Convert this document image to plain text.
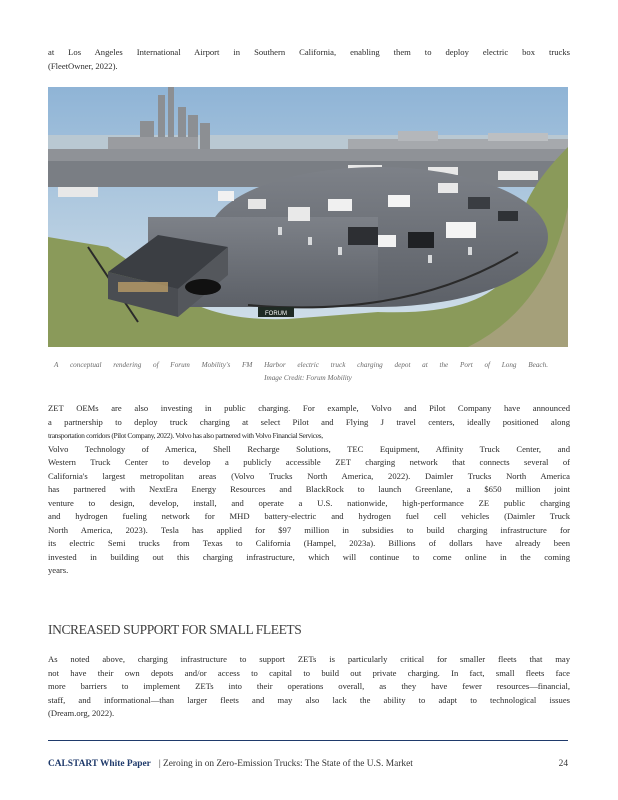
at Los Angeles International Airport in Southern California, enabling them to deploy electric box trucks
(FleetOwner, 2022).
FORUM
A conceptual rendering of Forum Mobility's FM Harbor electric truck charging depot at the Port of Long Beach.
Image Credit: Forum Mobility
ZET OEMs are also investing in public charging. For example, Volvo and Pilot Company have announced
a partnership to deploy truck charging at select Pilot and Flying J travel centers, ideally positioned along
transportation corridors (Pilot Company, 2022). Volvo has also partnered with Volvo Financial Services,
Volvo Technology of America, Shell Recharge Solutions, TEC Equipment, Affinity Truck Center, and
Western Truck Center to develop a publicly accessible ZET charging network that connects several of
California's largest metropolitan areas (Volvo Trucks North America, 2022). Daimler Trucks North America
has partnered with NextEra Energy Resources and BlackRock to launch Greenlane, a $650 million joint
venture to design, develop, install, and operate a U.S. nationwide, high-performance ZE public charging
and hydrogen fueling network for MHD battery-electric and hydrogen fuel cell vehicles (Daimler Truck
North America, 2023). Tesla has applied for $97 million in subsidies to build charging infrastructure for
its electric Semi trucks from Texas to California (Hampel, 2023a). Billions of dollars have already been
invested in building out this charging infrastructure, which will continue to come online in the coming
years.
INCREASED SUPPORT FOR SMALL FLEETS
As noted above, charging infrastructure to support ZETs is particularly critical for smaller fleets that may
not have their own depots and/or access to capital to build out private charging. In fact, small fleets face
more barriers to implement ZETs into their operations overall, as they have fewer resources—financial,
staff, and informational—than larger fleets and may also lack the ability to adapt to technological issues
(Dream.org, 2022).
CALSTART White Paper | Zeroing in on Zero-Emission Trucks: The State of the U.S. Market	24
